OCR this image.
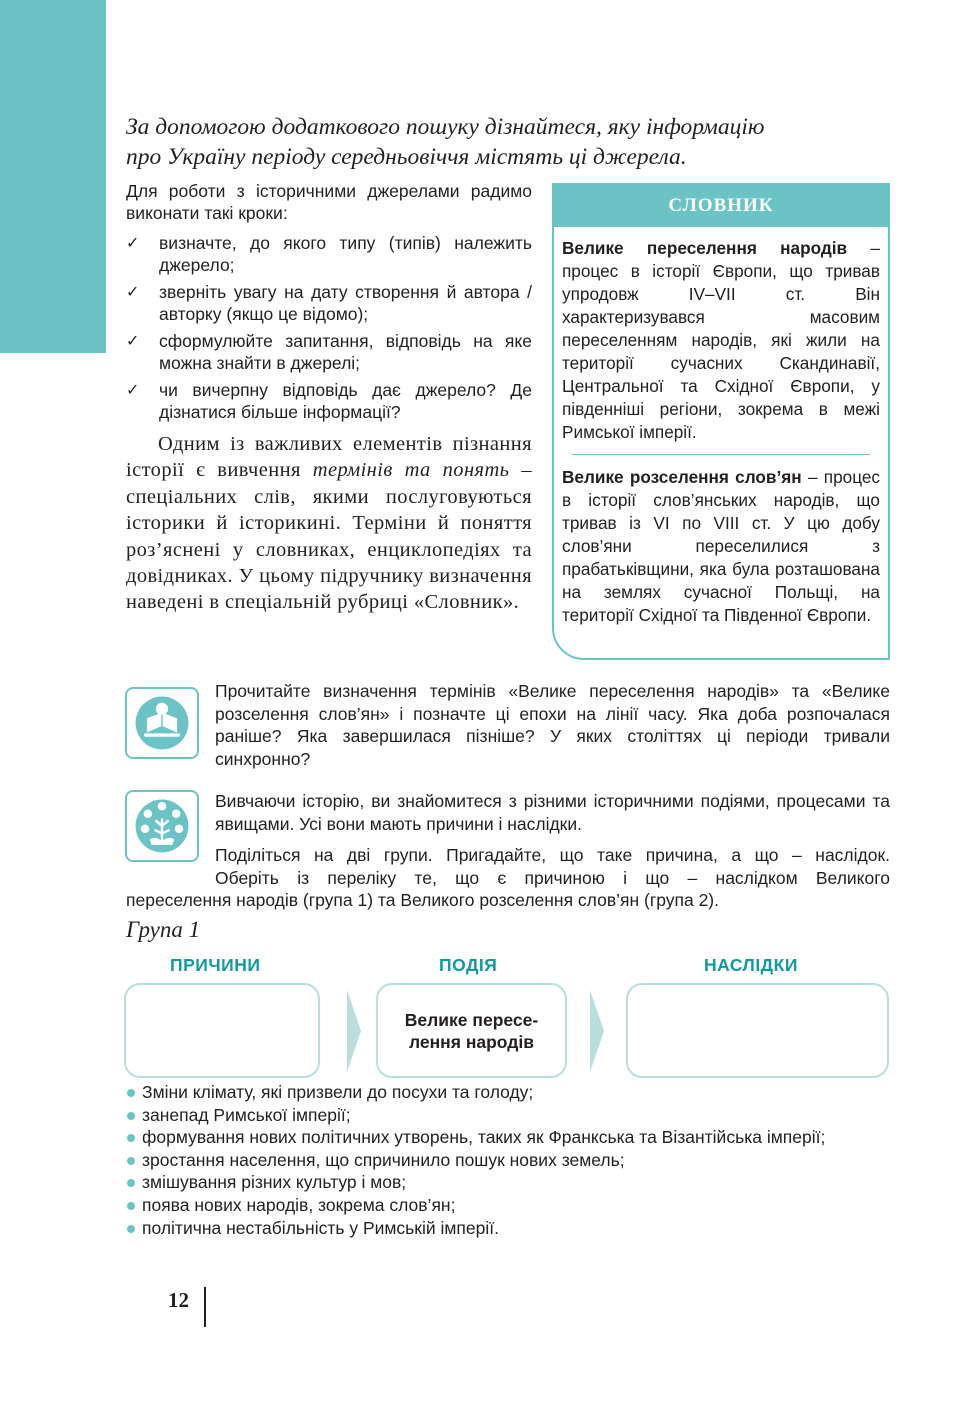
За допомогою додаткового пошуку дізнайтеся, яку інформацію
про Україну періоду середньовіччя містять ці джерела.

Для роботи з історичними джерелами радимо виконати такі кроки:

✓ визначте, до якого типу (типів) належить джерело;
✓ зверніть увагу на дату створення й автора / авторку (якщо це відомо);
✓ сформулюйте запитання, відповідь на яке можна знайти в джерелі;
✓ чи вичерпну відповідь дає джерело? Де дізнатися більше інформації?

Одним із важливих елементів пізнання історії є вивчення термінів та понять – спеціальних слів, якими послуговуються історики й історикині. Терміни й поняття роз’яснені у словниках, енциклопедіях та довідниках. У цьому підручнику визначення наведені в спеціальній рубриці «Словник».

СЛОВНИК

Велике переселення народів – процес в історії Європи, що тривав упродовж IV–VII ст. Він характеризувався масовим переселенням народів, які жили на території сучасних Скандинавії, Центральної та Східної Європи, у південніші регіони, зокрема в межі Римської імперії.

Велике розселення слов’ян – процес в історії слов’янських народів, що тривав із VI по VIII ст. У цю добу слов’яни переселилися з прабатьківщини, яка була розташована на землях сучасної Польщі, на території Східної та Південної Європи.

Прочитайте визначення термінів «Велике переселення народів» та «Велике розселення слов’ян» і позначте ці епохи на лінії часу. Яка доба розпочалася раніше? Яка завершилася пізніше? У яких століттях ці періоди тривали синхронно?
Вивчаючи історію, ви знайомитеся з різними історичними подіями, процесами та явищами. Усі вони мають причини і наслідки.

Поділіться на дві групи. Пригадайте, що таке причина, а що – наслідок.

Оберіть із переліку те, що є причиною і що – наслідком Великого

переселення народів (група 1) та Великого розселення слов’ян (група 2).

Група 1
ПРИЧИНИ	ПОДІЯ	НАСЛІДКИ
Велике пересе-
лення народів
Зміни клімату, які призвели до посухи та голоду;
занепад Римської імперії;
формування нових політичних утворень, таких як Франкська та Візантійська імперії;
зростання населення, що спричинило пошук нових земель;
змішування різних культур і мов;
поява нових народів, зокрема слов’ян;
політична нестабільність у Римській імперії.
12
